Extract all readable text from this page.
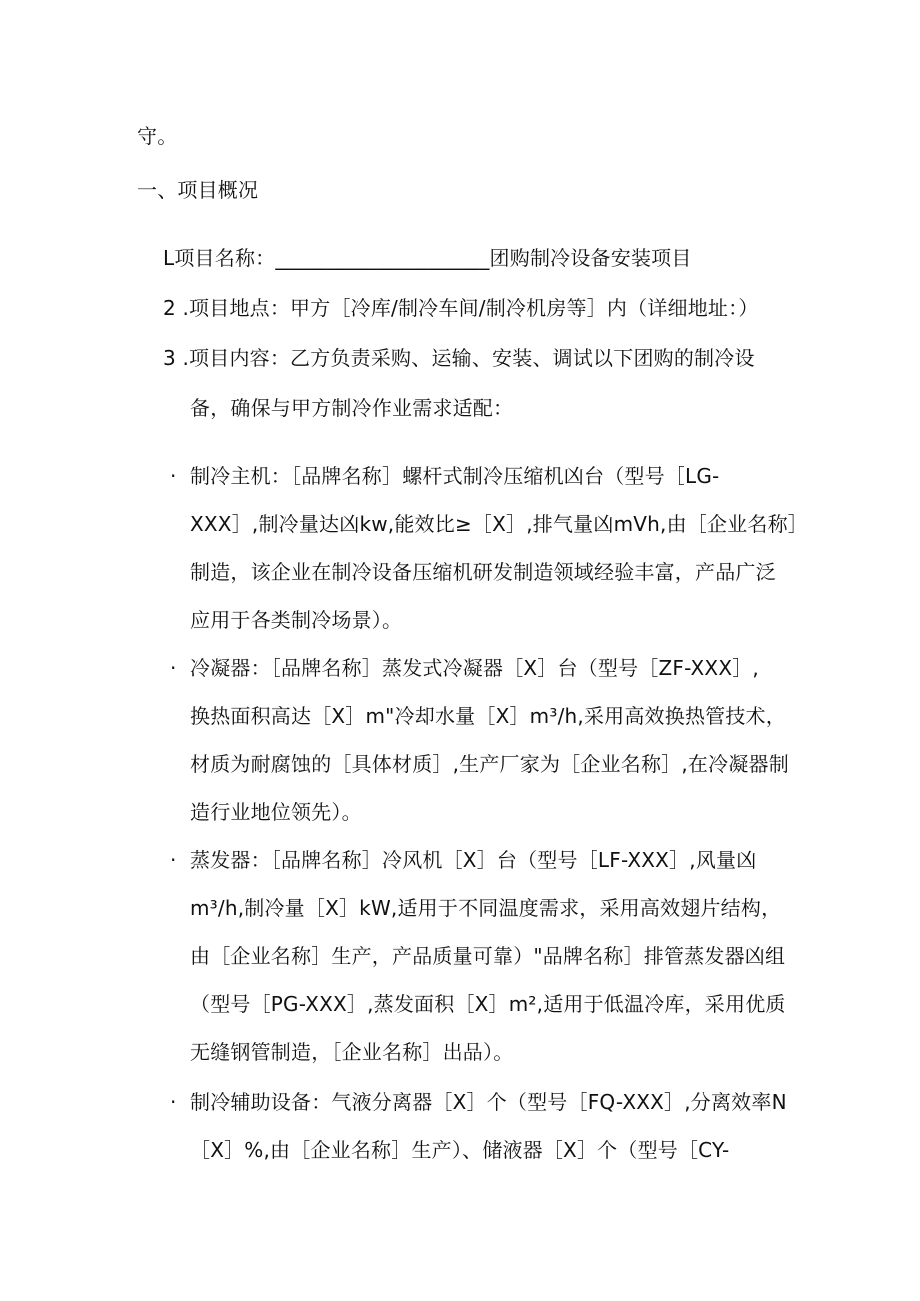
守。
一、项目概况
L项目名称：_____________________团购制冷设备安装项目
2 .项目地点：甲方［冷库/制冷车间/制冷机房等］内（详细地址：）
3 .项目内容：乙方负责采购、运输、安装、调试以下团购的制冷设
备，确保与甲方制冷作业需求适配：
· 制冷主机：［品牌名称］螺杆式制冷压缩机凶台（型号［LG-
XXX］,制冷量达凶kw,能效比≥［X］,排气量凶mVh,由［企业名称］
制造，该企业在制冷设备压缩机研发制造领域经验丰富，产品广泛
应用于各类制冷场景）。
· 冷凝器：［品牌名称］蒸发式冷凝器［X］台（型号［ZF-XXX］,
换热面积高达［X］m"冷却水量［X］m³/h,采用高效换热管技术，
材质为耐腐蚀的［具体材质］,生产厂家为［企业名称］,在冷凝器制
造行业地位领先）。
· 蒸发器：［品牌名称］冷风机［X］台（型号［LF-XXX］,风量凶
m³/h,制冷量［X］kW,适用于不同温度需求，采用高效翅片结构，
由［企业名称］生产，产品质量可靠）"品牌名称］排管蒸发器凶组
（型号［PG-XXX］,蒸发面积［X］m²,适用于低温冷库，采用优质
无缝钢管制造，［企业名称］出品）。
· 制冷辅助设备：气液分离器［X］个（型号［FQ-XXX］,分离效率N
［X］%,由［企业名称］生产）、储液器［X］个（型号［CY-
